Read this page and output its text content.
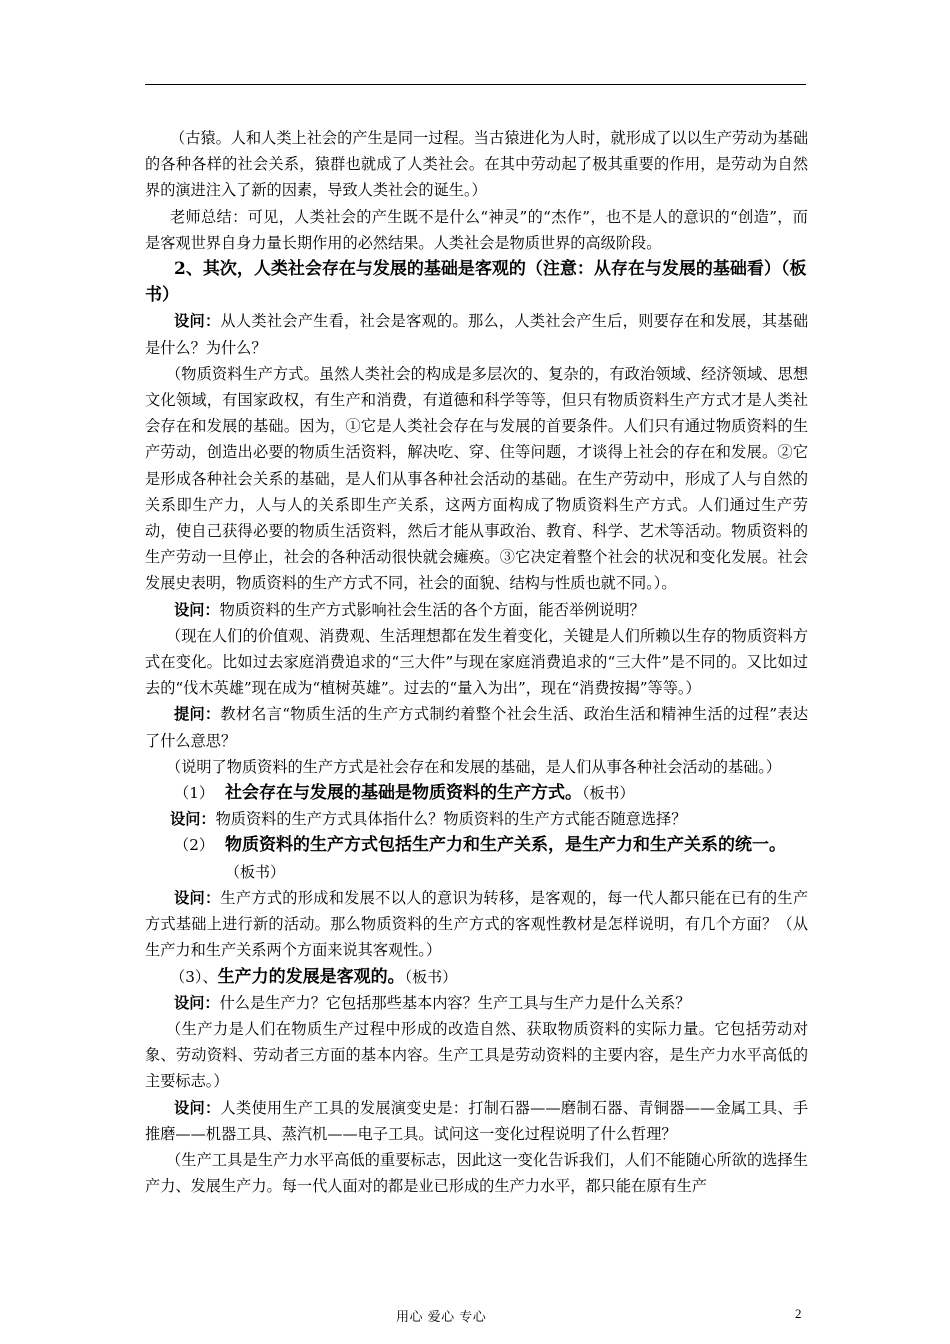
（古猿。人和人类上社会的产生是同一过程。当古猿进化为人时，就形成了以以生产劳动为基础的各种各样的社会关系，猿群也就成了人类社会。在其中劳动起了极其重要的作用，是劳动为自然界的演进注入了新的因素，导致人类社会的诞生。）

老师总结：可见，人类社会的产生既不是什么“神灵”的“杰作”，也不是人的意识的“创造”，而是客观世界自身力量长期作用的必然结果。人类社会是物质世界的高级阶段。

2、其次，人类社会存在与发展的基础是客观的（注意：从存在与发展的基础看）（板书）

设问：从人类社会产生看，社会是客观的。那么，人类社会产生后，则要存在和发展，其基础是什么？为什么？

（物质资料生产方式。虽然人类社会的构成是多层次的、复杂的，有政治领域、经济领域、思想文化领域，有国家政权，有生产和消费，有道德和科学等等，但只有物质资料生产方式才是人类社会存在和发展的基础。因为，①它是人类社会存在与发展的首要条件。人们只有通过物质资料的生产劳动，创造出必要的物质生活资料，解决吃、穿、住等问题，才谈得上社会的存在和发展。②它是形成各种社会关系的基础，是人们从事各种社会活动的基础。在生产劳动中，形成了人与自然的关系即生产力，人与人的关系即生产关系，这两方面构成了物质资料生产方式。人们通过生产劳动，使自己获得必要的物质生活资料，然后才能从事政治、教育、科学、艺术等活动。物质资料的生产劳动一旦停止，社会的各种活动很快就会瘫痪。③它决定着整个社会的状况和变化发展。社会发展史表明，物质资料的生产方式不同，社会的面貌、结构与性质也就不同。）。

设问：物质资料的生产方式影响社会生活的各个方面，能否举例说明？

（现在人们的价值观、消费观、生活理想都在发生着变化，关键是人们所赖以生存的物质资料方式在变化。比如过去家庭消费追求的“三大件”与现在家庭消费追求的“三大件”是不同的。又比如过去的“伐木英雄”现在成为“植树英雄”。过去的“量入为出”，现在“消费按揭”等等。）

提问：教材名言“物质生活的生产方式制约着整个社会生活、政治生活和精神生活的过程”表达了什么意思？

（说明了物质资料的生产方式是社会存在和发展的基础，是人们从事各种社会活动的基础。）

（1） 社会存在与发展的基础是物质资料的生产方式。（板书）

设问：物质资料的生产方式具体指什么？物质资料的生产方式能否随意选择？

（2） 物质资料的生产方式包括生产力和生产关系，是生产力和生产关系的统一。（板书）

设问：生产方式的形成和发展不以人的意识为转移，是客观的，每一代人都只能在已有的生产方式基础上进行新的活动。那么物质资料的生产方式的客观性教材是怎样说明，有几个方面？（从生产力和生产关系两个方面来说其客观性。）

（3）、生产力的发展是客观的。（板书）

设问：什么是生产力？它包括那些基本内容？生产工具与生产力是什么关系？

（生产力是人们在物质生产过程中形成的改造自然、获取物质资料的实际力量。它包括劳动对象、劳动资料、劳动者三方面的基本内容。生产工具是劳动资料的主要内容，是生产力水平高低的主要标志。）

设问：人类使用生产工具的发展演变史是：打制石器——磨制石器、青铜器——金属工具、手推磨——机器工具、蒸汽机——电子工具。试问这一变化过程说明了什么哲理？

（生产工具是生产力水平高低的重要标志，因此这一变化告诉我们，人们不能随心所欲的选择生产力、发展生产力。每一代人面对的都是业已形成的生产力水平，都只能在原有生产

用心 爱心 专心	2
